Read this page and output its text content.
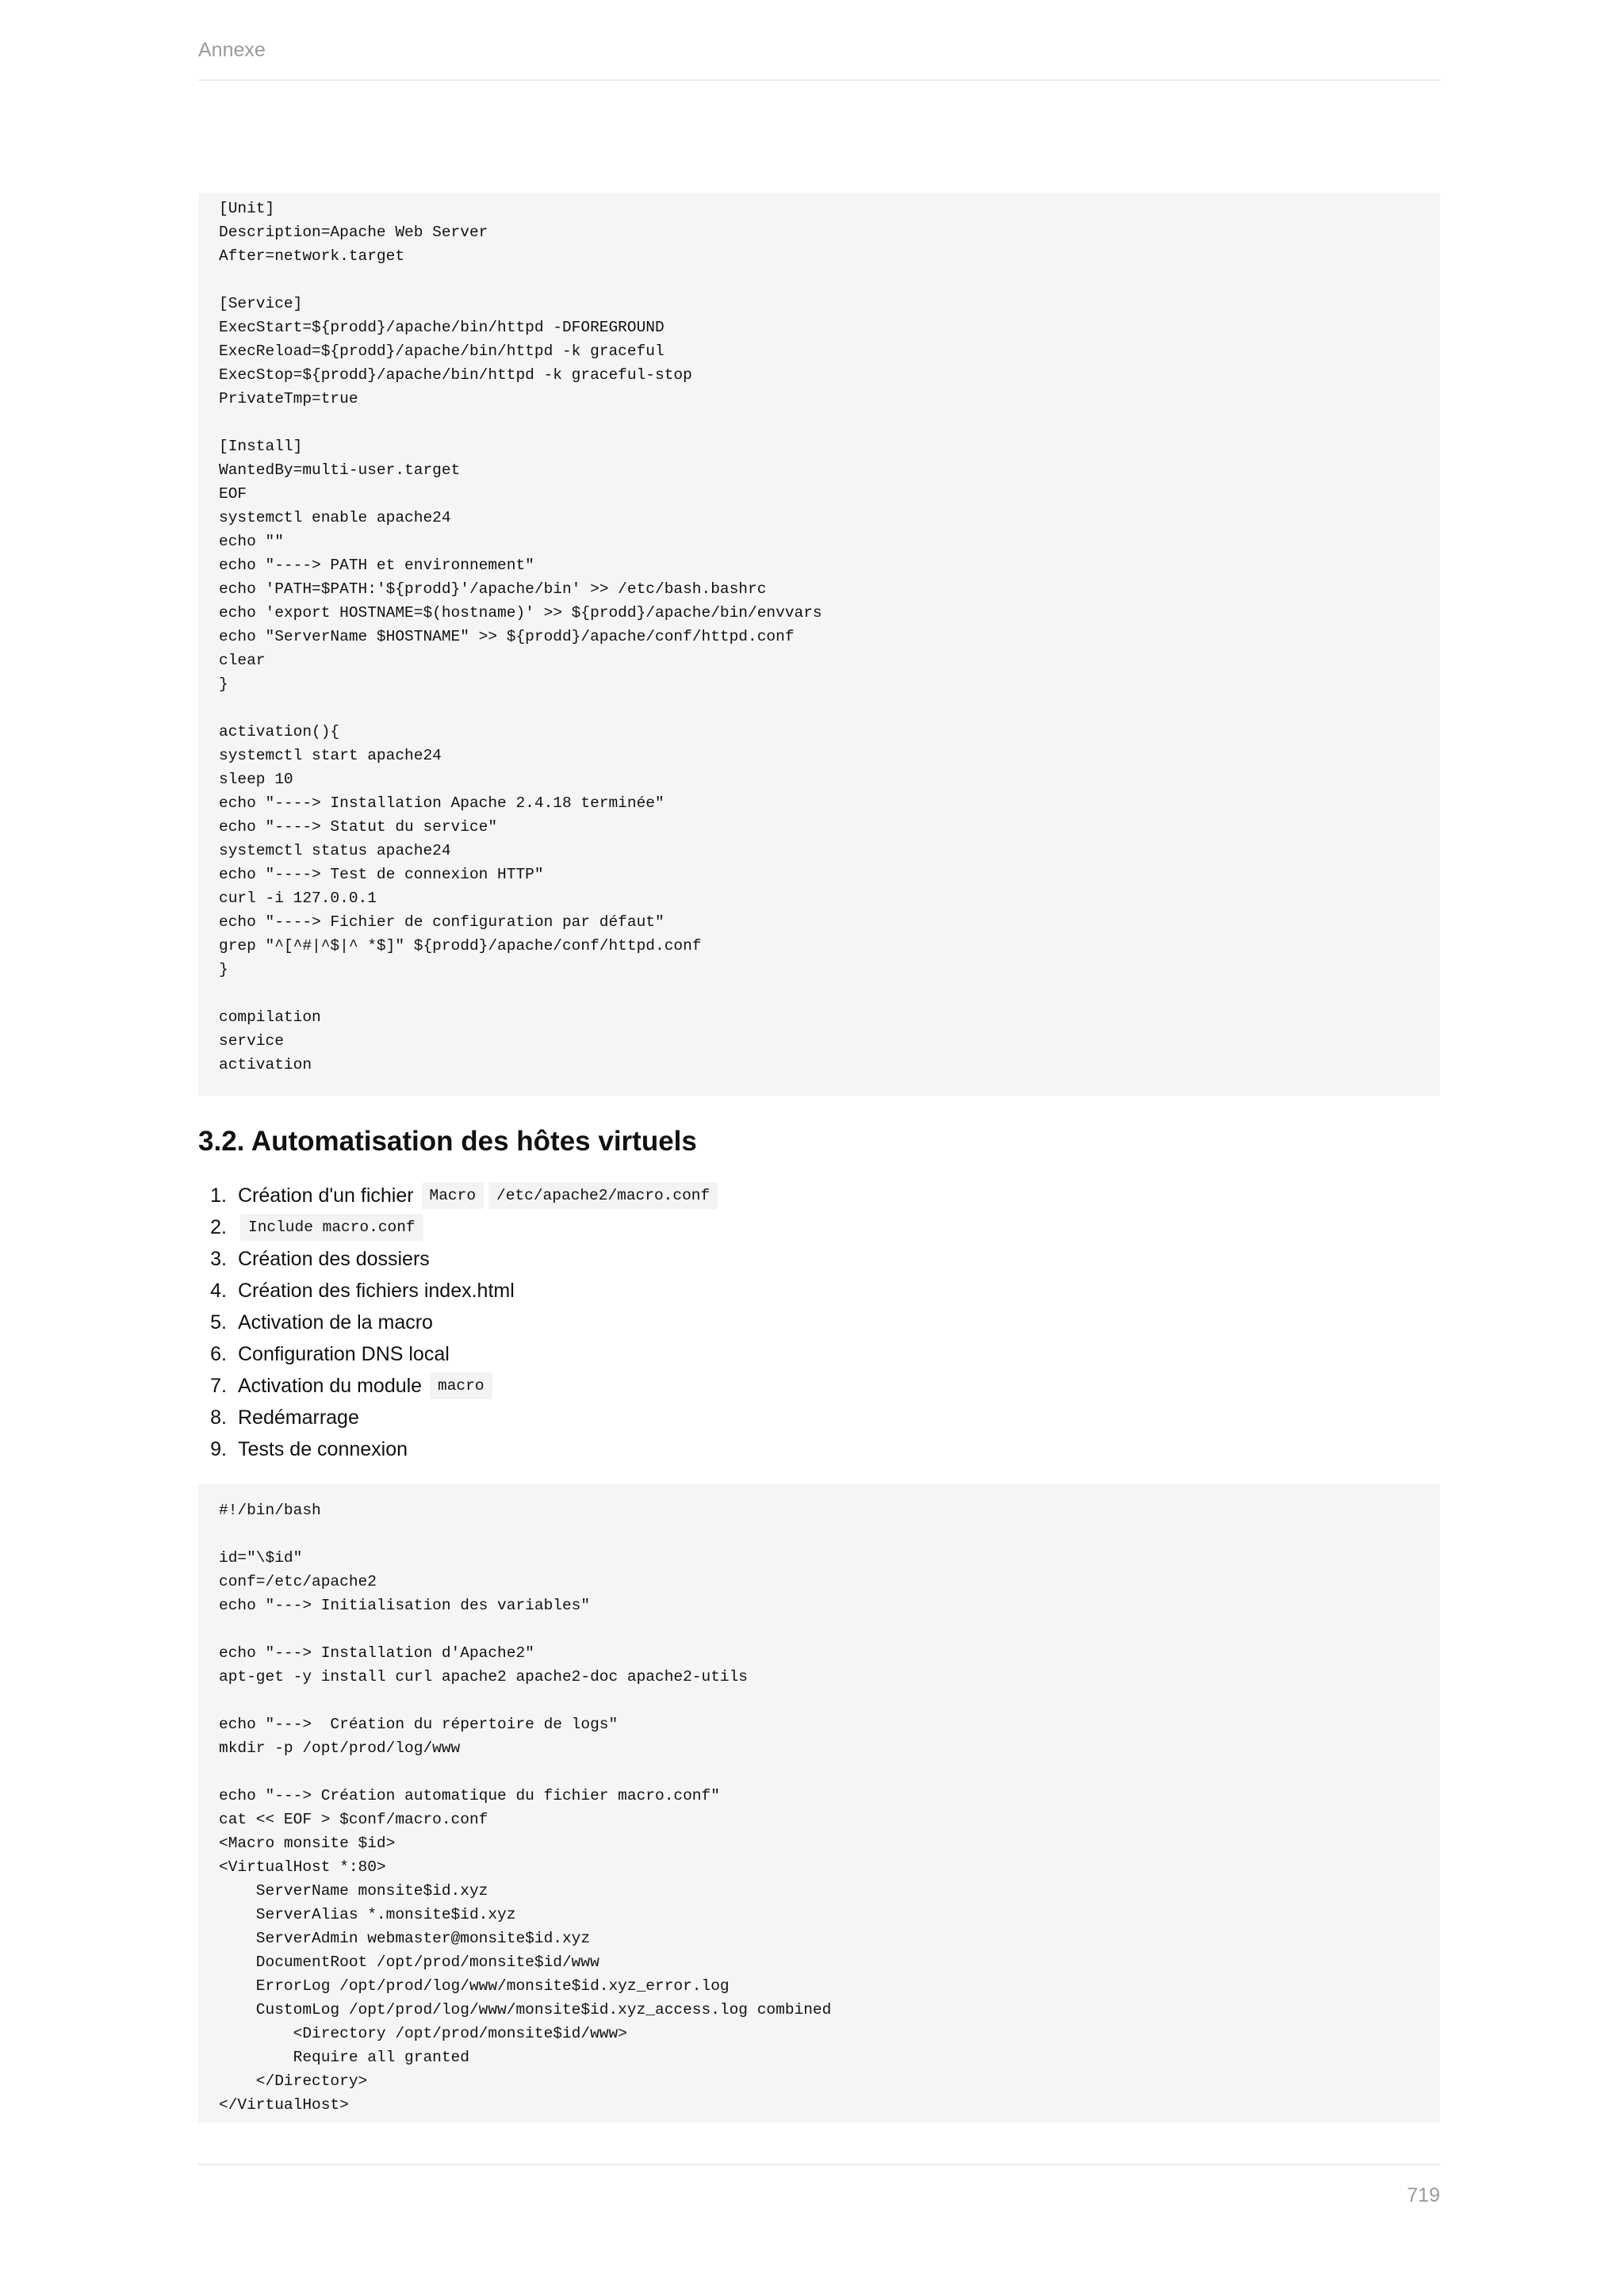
Annexe
[Unit]
Description=Apache Web Server
After=network.target

[Service]
ExecStart=${prodd}/apache/bin/httpd -DFOREGROUND
ExecReload=${prodd}/apache/bin/httpd -k graceful
ExecStop=${prodd}/apache/bin/httpd -k graceful-stop
PrivateTmp=true

[Install]
WantedBy=multi-user.target
EOF
systemctl enable apache24
echo ""
echo "----> PATH et environnement"
echo 'PATH=$PATH:'${prodd}'/apache/bin' >> /etc/bash.bashrc
echo 'export HOSTNAME=$(hostname)' >> ${prodd}/apache/bin/envvars
echo "ServerName $HOSTNAME" >> ${prodd}/apache/conf/httpd.conf
clear
}

activation(){
systemctl start apache24
sleep 10
echo "----> Installation Apache 2.4.18 terminée"
echo "----> Statut du service"
systemctl status apache24
echo "----> Test de connexion HTTP"
curl -i 127.0.0.1
echo "----> Fichier de configuration par défaut"
grep "^[^#|^$|^ *$]" ${prodd}/apache/conf/httpd.conf
}

compilation
service
activation
3.2. Automatisation des hôtes virtuels
1. Création d'un fichier Macro	/etc/apache2/macro.conf
2.	Include macro.conf
3. Création des dossiers
4. Création des fichiers index.html
5. Activation de la macro
6. Configuration DNS local
7. Activation du module macro
8. Redémarrage
9. Tests de connexion
#!/bin/bash

id="\$id"
conf=/etc/apache2
echo "---> Initialisation des variables"

echo "---> Installation d'Apache2"
apt-get -y install curl apache2 apache2-doc apache2-utils

echo "--->  Création du répertoire de logs"
mkdir -p /opt/prod/log/www

echo "---> Création automatique du fichier macro.conf"
cat << EOF > $conf/macro.conf
<Macro monsite $id>
<VirtualHost *:80>
ServerName monsite$id.xyz
ServerAlias *.monsite$id.xyz
ServerAdmin webmaster@monsite$id.xyz
DocumentRoot /opt/prod/monsite$id/www
ErrorLog /opt/prod/log/www/monsite$id.xyz_error.log
CustomLog /opt/prod/log/www/monsite$id.xyz_access.log combined
<Directory /opt/prod/monsite$id/www>
Require all granted
</Directory>
</VirtualHost>
719
